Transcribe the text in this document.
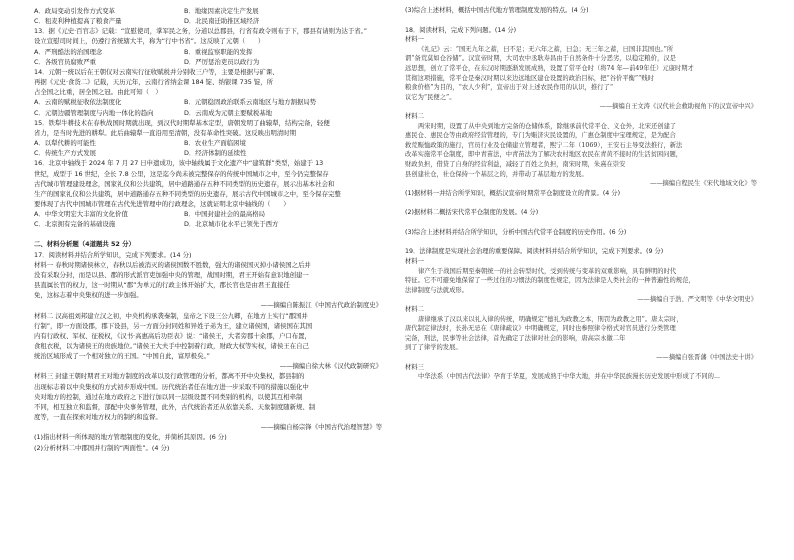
A．政局变动引发作方式变革	B．地缘因素决定生产发展
C．租麦利种植提高了粮食产量	D．北民南迁助推区域经济
13．据《元史·百官志》记载：“宣慰使司，掌军民之务，分道以总郡县，行省有政令则布于下，郡县有请则为达于省。”
设立宣慰司时间上，仍遵行省统辖大半，称为“行中书省”。这反映了元朝（　　）
A．严刑酷法的治国理念	B．重视监察职能的发挥
C．各级官员腐败严重	D．严厉惩治吏员以政行为
14．元朝一统以后在王朝仅对云南实行征收赋税并分别收三户等，主要是根据与矿课、
再据《元史·食货二》记载，天历元年，云南行省纳金课 184 锭、纳银课 735 锭，所
占全国之比重，居全国之冠。由此可知（　）
A．云南的赋税征收依法制度化	B．元朝稳固政治联系云南地区与地方割据局势
C．元朝边疆管理制度与内地一体化的趋向	D．云南成为元朝主要赋税基地
15．铁犁牛耕技术在春秋战国时期就出现，到汉代时期犁基本定型，唐朝发明了曲辕犁，结构完备，轻便
省力，是当时先进的耕犁。此后曲辕犁一直沿用至清朝，没有革命性突破。这反映出明清时期
A．以犁代耕的可能性	B．农业生产面临困境
C．传统生产方式发展	D．经济体制的延续性
16．北京中轴线于 2024 年 7 月 27 日申遗成功，该中轴线属于文化遗产中“建筑群”类型，始建于 13
世纪，成型于 16 世纪，全长 7.8 公里，这是迄今尚未被完整保存的传统中国城市之中，至今仍完整保存
古代城市管理建设理念，国家礼仪和公共建筑，居中道路通存五种不同类型的历史遗存，展示出基本社会和
生产的国家礼仪和公共建筑，居中道路通存五种不同类型的历史遗存，展示古代中国城市之中，至今保存完整
要体现了古代中国城市管理在古代先进管理中的行政理念，这就证明北京中轴线的（　　）
A．中华文明宏大丰富的文化价值	B．中国封建社会的最高格局
C．北京拥有完备的基础设施	D．北京城市化水平已领先于西方
二、材料分析题（4道题共 52 分）
17．阅读材料并结合所学知识，完成下列要求。(14 分)
材料一 春秋时期诸侯林立，春秋以后被消灭的诸侯国数不胜数，强大的诸侯国灭掉小诸侯国之后并
没有采取分封，而是以县、郡的形式派官吏加强中央的管理，战国时期，君王开始有意识地创建一
县直属长官的权力，这一时期从“郡”为单元的行政主体开始扩大，郡长官也是由君王直接任
免，这标志着中央集权的进一步加强。
——摘编自陈振江《中国古代政治制度史》
材料二 汉高祖刘邦建立汉之初，中央机构承袭秦制，皇帝之下设三公九卿，在地方上实行“郡国并
行制”，即一方面设郡，郡下设县，另一方面分封同姓和异姓子弟为王，建立诸侯国，诸侯国在其国
内有行政权、军权、征税权，《汉书·高惠高后功臣表》说：“诸侯王，大者旁郡十余郡，户口布置，
食租衣税，以为诸侯王的贵族地位。”诸侯王大夫手中控制着行政，财政大权等实权，诸侯王在自己
统治区域形成了一个相对独立的王国。“中国自此，富厚极矣。”
——摘编自徐大林《汉代政制研究》
材料三 封建王朝时期君王对地方制度的改革以及行政管理的分析，都离不开中央集权，都县制的
出现标志着以中央集权的方式初步形成中国。历代统治者任在地方进一步采取不同的措施以强化中
央对地方的控制，通过在地方政府之下进行加以同一层级设置不同类别的机构，以使其互相牵制
不同，相互独立和监督，部配中央事务管理，此外，古代统治者还从依靠关系、天象制度随新规、制
度等，一直在探索对地方权力的制约和监督。
——摘编自杨宗锋《中国古代治理智慧》等
(1)指出材料一所体现的地方管理制度的变化，并简析其原因。(6 分)
(2)分析材料二中郡国并行制的“两面性”。(4 分)
(3)综合上述材料，概括中国古代地方管理制度发展的特点。(4 分)
18．阅读材料，完成下列问题。(14 分)
材料一
《礼记》云：“国无九年之蓄，曰不足；无六年之蓄，曰急；无三年之蓄，曰国非其国也。”所
谓“备荒莫如仓谷储”。汉宣帝时期，大司农中丞耿寿昌由于自然条件十分恶劣，以稳定粮价，汉是
远思想，创立了常平仓，在东汉时期逐渐发展成熟，设置了常平仓时（将74 年—前49年任）元康时期才
贯彻这项措施，常平仓是秦汉时期以来边远地区建仓设置的政治目标，把“谷价平衡”“贱时
粮食价格”为目的，“农人少利”，宣帝出于对上述农民作用的认识，推行了“
议它为“民便之”。
——摘编自王文涛《汉代社会救助视角下的汉宣帝中兴》
材料二
两宋时期，设置了从中央到地方完备的仓储体系，除继承前代常平仓、义仓外，北宋还创建了
惠民仓、惠民仓等由政府经营管理的，专门为赈济灾民设置的，广惠仓制度中宝理规定，是为配合
救荒赈恤政策的施行，官员行业及仓储建立管理者，熙宁二年（1069），王安石主导变法推行，新法
改革实施常平仓制度，即中青苗法，中青苗法为了解决农村地区农民在青黄不接时的生活贫困问题，
财政负担，借贷了自身的经营利益，减轻了百姓之负担，南宋时期，朱熹在崇安
县创建社仓，社仓保持一个基层之的，并带动了基层地方的发展。
——摘编自程民生《宋代地域文化》等
(1)据材料一并结合所学知识，概括汉宣帝时期常平仓制度设立的背景。(4 分)
(2)据材料二概括宋代常平仓制度的发展。(4 分)
(3)综合上述材料并结合所学知识，分析中国古代常平仓制度的历史作用。(6 分)
19．法律制度是实现社会治理的重要保障。阅读材料并结合所学知识，完成下列要求。(9 分)
材料一
律产生于战国后期至秦朝统一的社会转型时代，受到传统与变革的双重影响，具有鲜明的时代
特征。它不可避免地保留了一些过往的习惯法的制度性规定，因为法律是人类社会的一种普遍性的规范，
法律制度与法就成形。
——摘编自于浩、严文明等《中华文明史》
材料二
唐律继承了汉以来以礼入律的传统，明确规定“德礼为政教之本，刑罚为政教之用”。唐太宗时，
唐代制定律法时，长孙无忌在《唐律疏议》中明确规定，同时也参照律令格式对官员进行分类管理
完备，刑法，民事等社会法律，首先确定了法律对社会的影响，唐高宗永徽二年
到了了律学的发展。
——摘编自张晋藩《中国法史十讲》
材料三
中华法系（中国古代法律）孕育于华夏，发展成熟于中华大地，并在中华民族漫长历史发展中形成了不同的...
